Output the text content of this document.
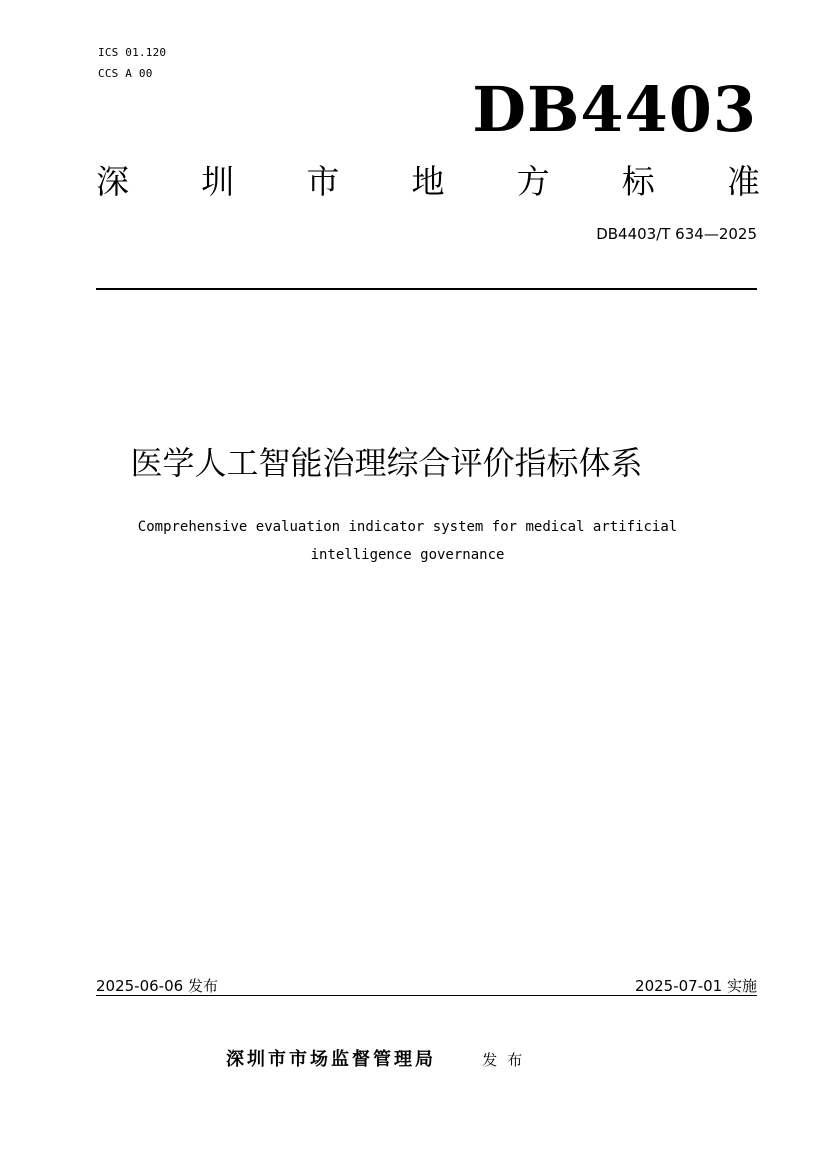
ICS 01.120
CCS A 00	DB4403
深 圳 市 地 方 标 准
DB4403/T 634—2025
医学人工智能治理综合评价指标体系
Comprehensive evaluation indicator system for medical artificial
intelligence governance
2025-06-06 发布	2025-07-01 实施
深圳市市场监督管理局	发布
